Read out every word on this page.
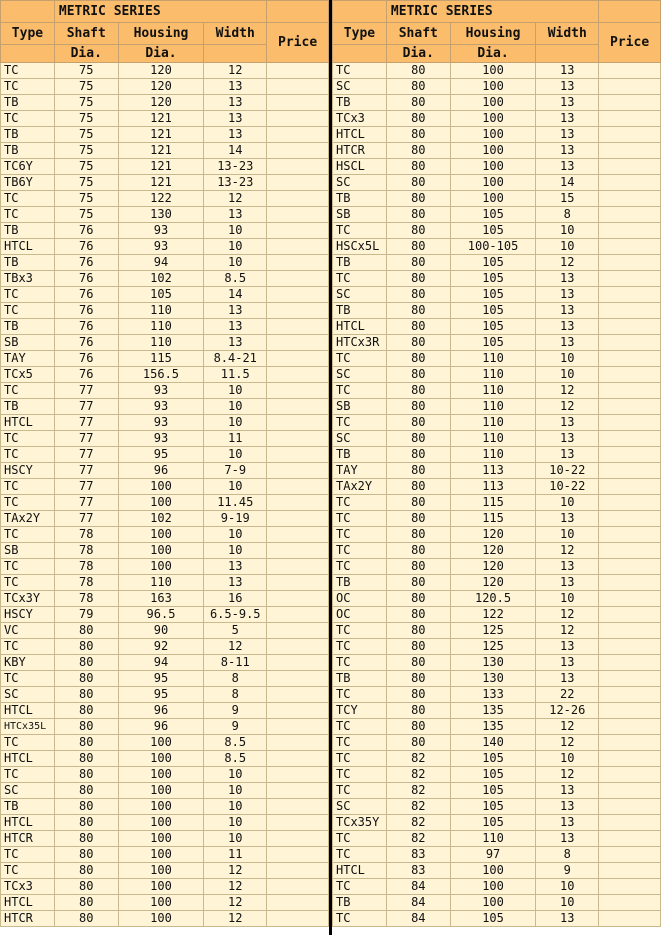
	METRIC SERIES			
Type	Shaft	Housing	Width	Price
	Dia.	Dia.		
TC	75	120	12	
TC	75	120	13	
TB	75	120	13	
TC	75	121	13	
TB	75	121	13	
TB	75	121	14	
TC6Y	75	121	13-23	
TB6Y	75	121	13-23	
TC	75	122	12	
TC	75	130	13	
TB	76	93	10	
HTCL	76	93	10	
TB	76	94	10	
TBx3	76	102	8.5	
TC	76	105	14	
TC	76	110	13	
TB	76	110	13	
SB	76	110	13	
TAY	76	115	8.4-21	
TCx5	76	156.5	11.5	
TC	77	93	10	
TB	77	93	10	
HTCL	77	93	10	
TC	77	93	11	
TC	77	95	10	
HSCY	77	96	7-9	
TC	77	100	10	
TC	77	100	11.45	
TAx2Y	77	102	9-19	
TC	78	100	10	
SB	78	100	10	
TC	78	100	13	
TC	78	110	13	
TCx3Y	78	163	16	
HSCY	79	96.5	6.5-9.5	
VC	80	90	5	
TC	80	92	12	
KBY	80	94	8-11	
TC	80	95	8	
SC	80	95	8	
HTCL	80	96	9	
HTCx35L	80	96	9	
TC	80	100	8.5	
HTCL	80	100	8.5	
TC	80	100	10	
SC	80	100	10	
TB	80	100	10	
HTCL	80	100	10	
HTCR	80	100	10	
TC	80	100	11	
TC	80	100	12	
TCx3	80	100	12	
HTCL	80	100	12	
HTCR	80	100	12	
	METRIC SERIES			
Type	Shaft	Housing	Width	Price
	Dia.	Dia.		
TC	80	100	13	
SC	80	100	13	
TB	80	100	13	
TCx3	80	100	13	
HTCL	80	100	13	
HTCR	80	100	13	
HSCL	80	100	13	
SC	80	100	14	
TB	80	100	15	
SB	80	105	8	
TC	80	105	10	
HSCx5L	80	100-105	10	
TB	80	105	12	
TC	80	105	13	
SC	80	105	13	
TB	80	105	13	
HTCL	80	105	13	
HTCx3R	80	105	13	
TC	80	110	10	
SC	80	110	10	
TC	80	110	12	
SB	80	110	12	
TC	80	110	13	
SC	80	110	13	
TB	80	110	13	
TAY	80	113	10-22	
TAx2Y	80	113	10-22	
TC	80	115	10	
TC	80	115	13	
TC	80	120	10	
TC	80	120	12	
TC	80	120	13	
TB	80	120	13	
OC	80	120.5	10	
OC	80	122	12	
TC	80	125	12	
TC	80	125	13	
TC	80	130	13	
TB	80	130	13	
TC	80	133	22	
TCY	80	135	12-26	
TC	80	135	12	
TC	80	140	12	
TC	82	105	10	
TC	82	105	12	
TC	82	105	13	
SC	82	105	13	
TCx35Y	82	105	13	
TC	82	110	13	
TC	83	97	8	
HTCL	83	100	9	
TC	84	100	10	
TB	84	100	10	
TC	84	105	13	
